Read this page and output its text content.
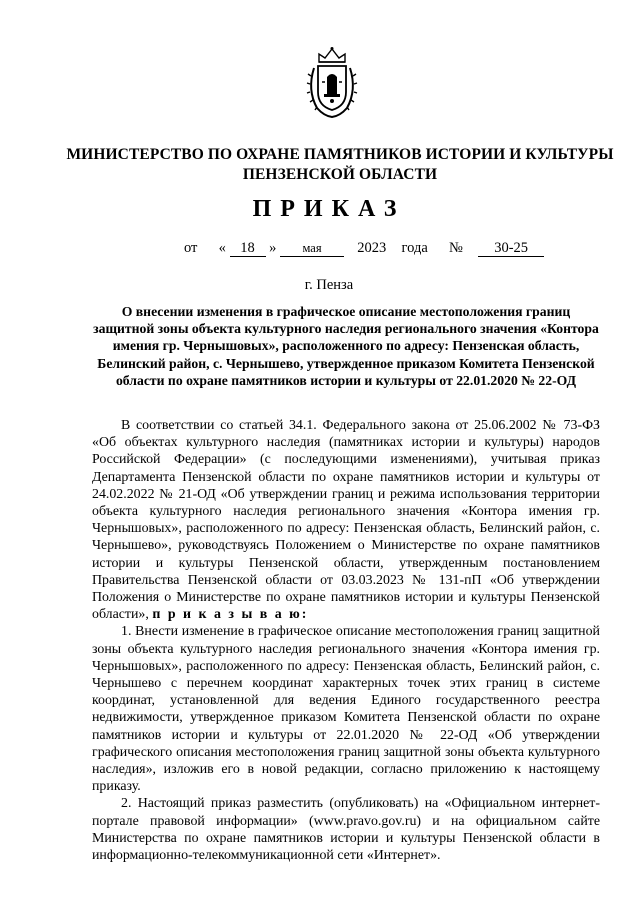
МИНИСТЕРСТВО ПО ОХРАНЕ ПАМЯТНИКОВ ИСТОРИИ И КУЛЬТУРЫ ПЕНЗЕНСКОЙ ОБЛАСТИ
ПРИКАЗ
от « 18 » мая 2023 года № 30-25
г. Пенза
О внесении изменения в графическое описание местоположения границ защитной зоны объекта культурного наследия регионального значения «Контора имения гр. Чернышовых», расположенного по адресу: Пензенская область, Белинский район, с. Чернышево, утвержденное приказом Комитета Пензенской области по охране памятников истории и культуры от 22.01.2020 № 22-ОД

В соответствии со статьей 34.1. Федерального закона от 25.06.2002 № 73-ФЗ «Об объектах культурного наследия (памятниках истории и культуры) народов Российской Федерации» (с последующими изменениями), учитывая приказ Департамента Пензенской области по охране памятников истории и культуры от 24.02.2022 № 21-ОД «Об утверждении границ и режима использования территории объекта культурного наследия регионального значения «Контора имения гр. Чернышовых», расположенного по адресу: Пензенская область, Белинский район, с. Чернышево», руководствуясь Положением о Министерстве по охране памятников истории и культуры Пензенской области, утвержденным постановлением Правительства Пензенской области от 03.03.2023 № 131-пП «Об утверждении Положения о Министерстве по охране памятников истории и культуры Пензенской области», п р и к а з ы в а ю:

1. Внести изменение в графическое описание местоположения границ защитной зоны объекта культурного наследия регионального значения «Контора имения гр. Чернышовых», расположенного по адресу: Пензенская область, Белинский район, с. Чернышево с перечнем координат характерных точек этих границ в системе координат, установленной для ведения Единого государственного реестра недвижимости, утвержденное приказом Комитета Пензенской области по охране памятников истории и культуры от 22.01.2020 № 22-ОД «Об утверждении графического описания местоположения границ защитной зоны объекта культурного наследия», изложив его в новой редакции, согласно приложению к настоящему приказу.

2. Настоящий приказ разместить (опубликовать) на «Официальном интернет-портале правовой информации» (www.pravo.gov.ru) и на официальном сайте Министерства по охране памятников истории и культуры Пензенской области в информационно-телекоммуникационной сети «Интернет».
